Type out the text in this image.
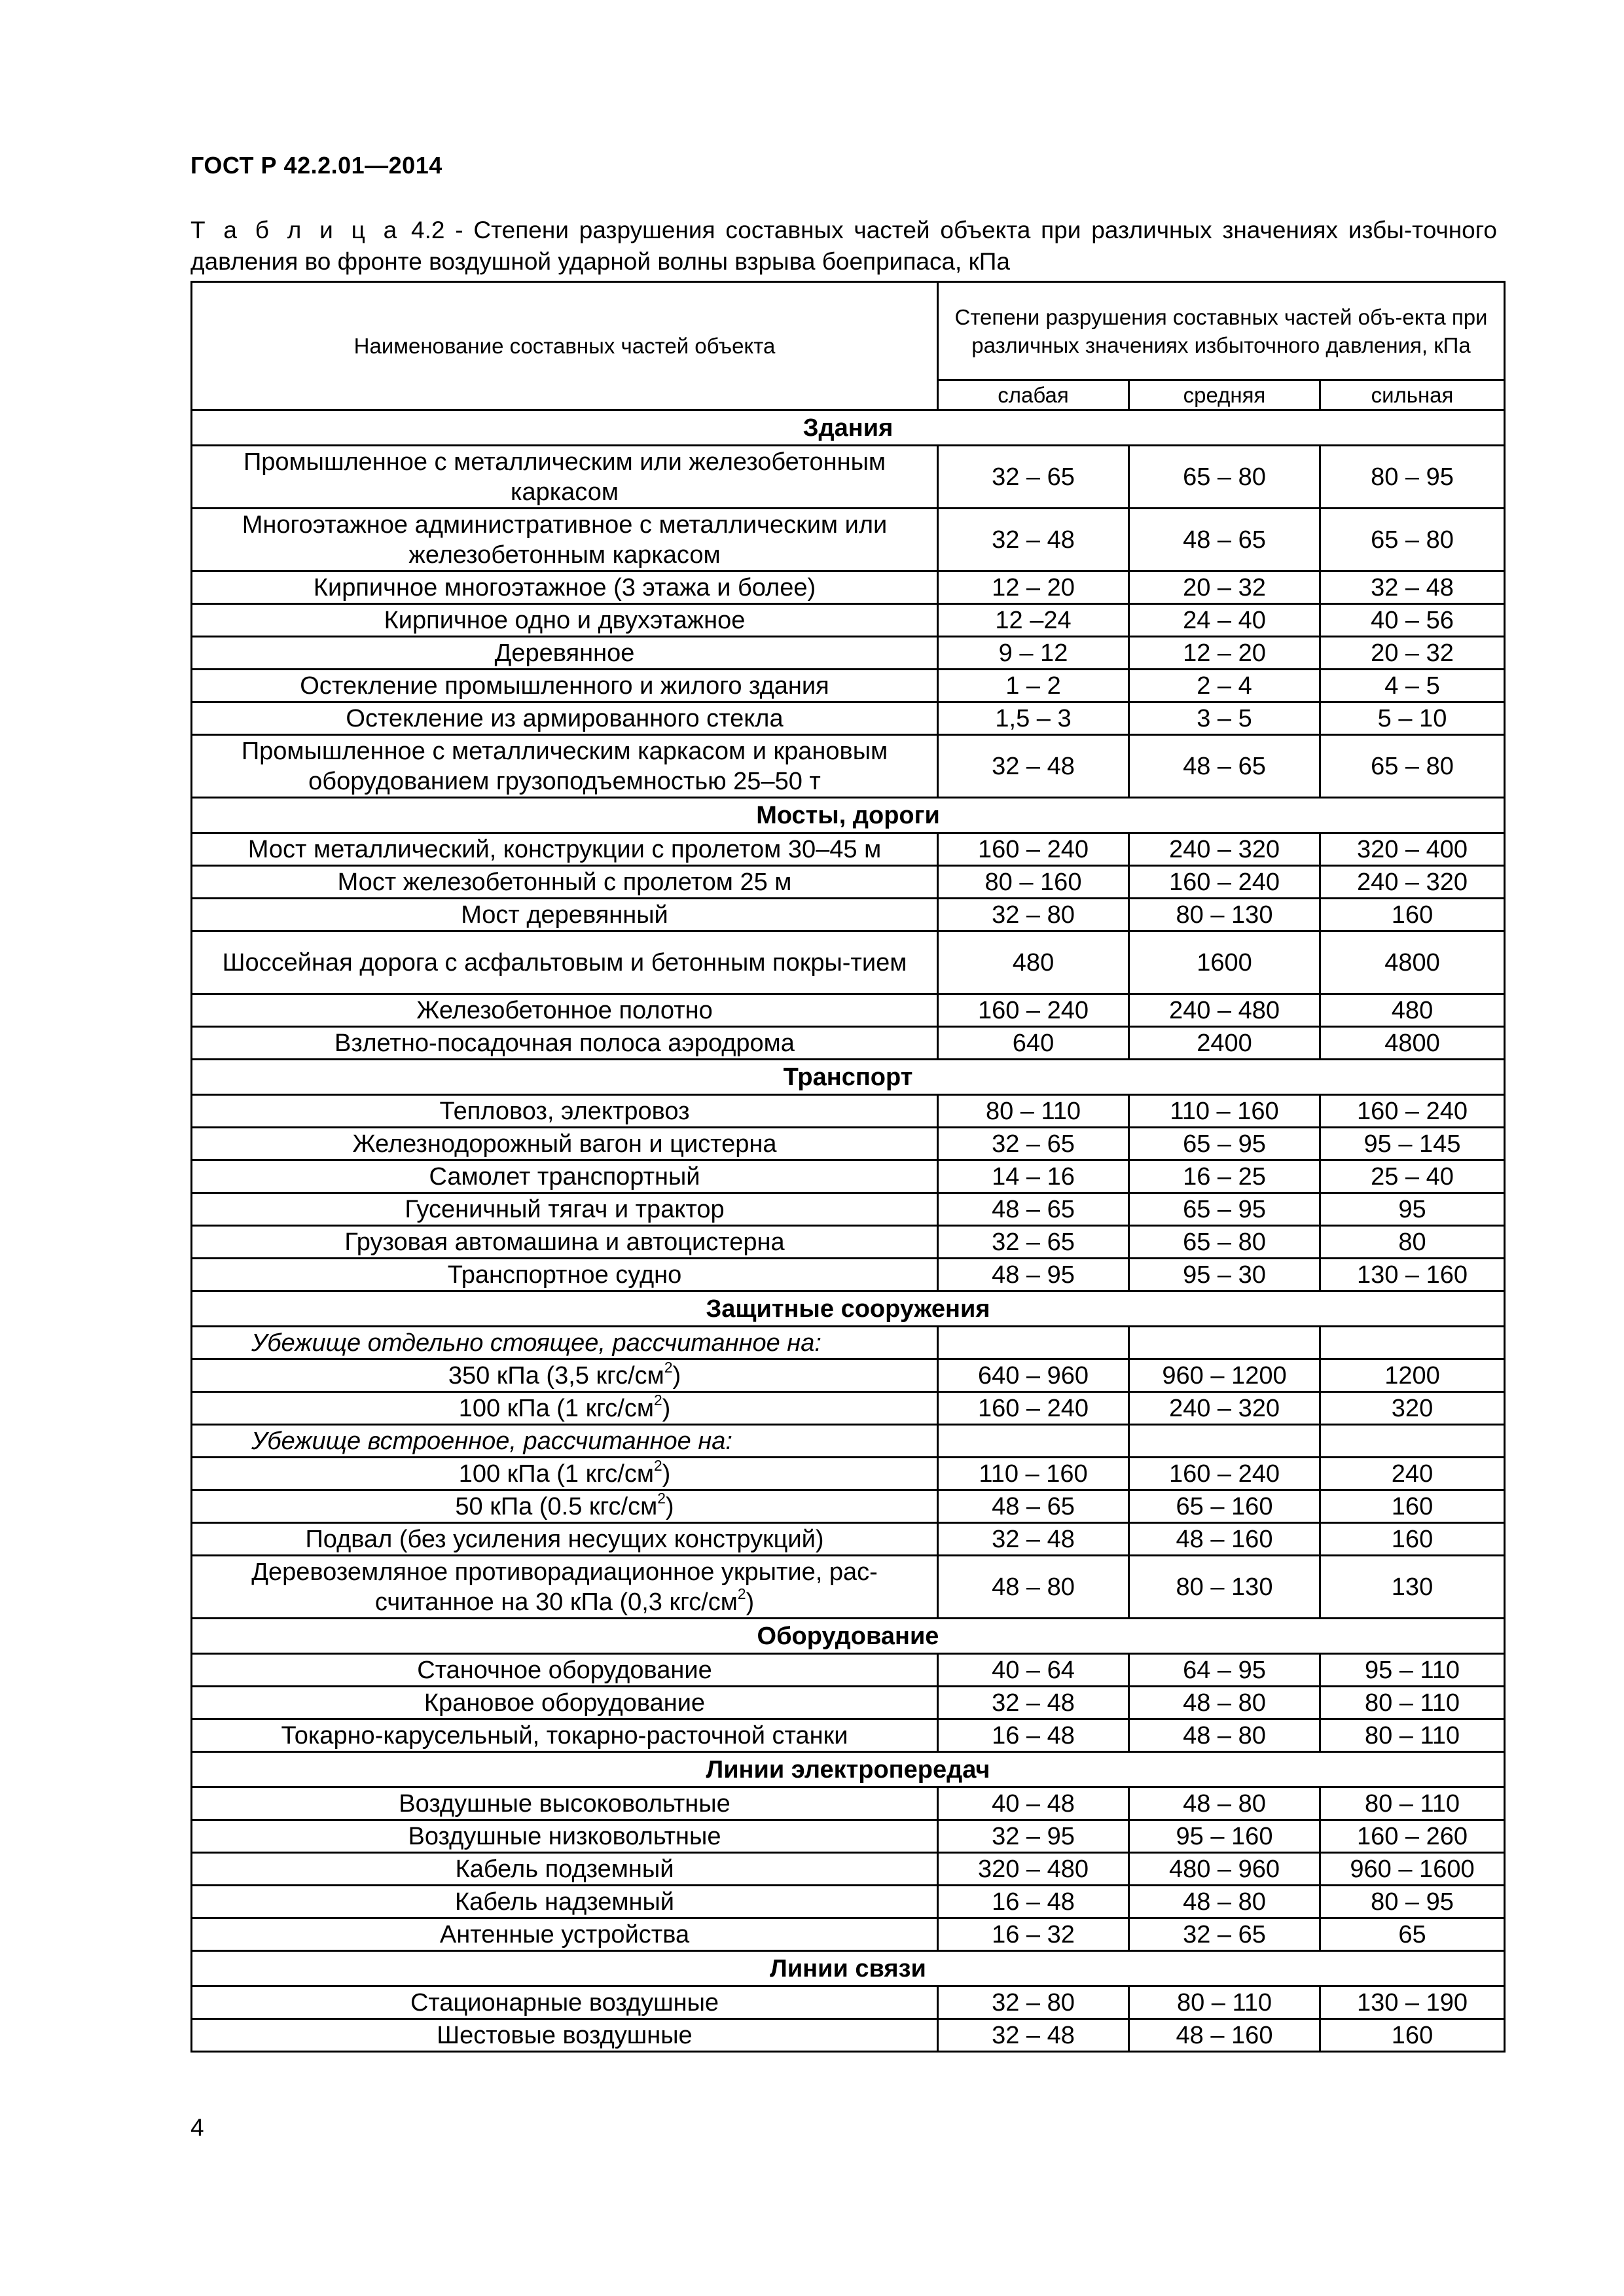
ГОСТ Р 42.2.01—2014
Т а б л и ц а 4.2 - Степени разрушения составных частей объекта при различных значениях избы-точного давления во фронте воздушной ударной волны взрыва боеприпаса, кПа
Наименование составных частей объекта	Степени разрушения составных частей объ-екта при различных значениях избыточного давления, кПа		
	слабая	средняя	сильная
Здания			
Промышленное с металлическим или железобетонным каркасом	32 – 65	65 – 80	80 – 95
Многоэтажное административное с металлическим или железобетонным каркасом	32 – 48	48 – 65	65 – 80
Кирпичное многоэтажное (3 этажа и более)	12 – 20	20 – 32	32 – 48
Кирпичное одно и двухэтажное	12 –24	24 – 40	40 – 56
Деревянное	9 – 12	12 – 20	20 – 32
Остекление промышленного и жилого здания	1 – 2	2 – 4	4 – 5
Остекление из армированного стекла	1,5 – 3	3 – 5	5 – 10
Промышленное с металлическим каркасом и крановым оборудованием грузоподъемностью 25–50 т	32 – 48	48 – 65	65 – 80
Мосты, дороги			
Мост металлический, конструкции с пролетом 30–45 м	160 – 240	240 – 320	320 – 400
Мост железобетонный с пролетом 25 м	80 – 160	160 – 240	240 – 320
Мост деревянный	32 – 80	80 – 130	160
Шоссейная дорога с асфальтовым и бетонным покры-тием	480	1600	4800
Железобетонное полотно	160 – 240	240 – 480	480
Взлетно-посадочная полоса аэродрома	640	2400	4800
Транспорт			
Тепловоз, электровоз	80 – 110	110 – 160	160 – 240
Железнодорожный вагон и цистерна	32 – 65	65 – 95	95 – 145
Самолет транспортный	14 – 16	16 – 25	25 – 40
Гусеничный тягач и трактор	48 – 65	65 – 95	95
Грузовая автомашина и автоцистерна	32 – 65	65 – 80	80
Транспортное судно	48 – 95	95 – 30	130 – 160
Защитные сооружения			
Убежище отдельно стоящее, рассчитанное на:			
350 кПа (3,5 кгс/$см^2$)	640 – 960	960 – 1200	1200
100 кПа (1 кгс/$см^2$)	160 – 240	240 – 320	320
Убежище встроенное, рассчитанное на:			
100 кПа (1 кгс/$см^2$)	110 – 160	160 – 240	240
50 кПа (0.5 кгс/$см^2$)	48 – 65	65 – 160	160
Подвал (без усиления несущих конструкций)	32 – 48	48 – 160	160
Деревоземляное противорадиационное укрытие, рас-считанное на 30 кПа (0,3 кгс/$см^2$)	48 – 80	80 – 130	130
Оборудование			
Станочное оборудование	40 – 64	64 – 95	95 – 110
Крановое оборудование	32 – 48	48 – 80	80 – 110
Токарно-карусельный, токарно-расточной станки	16 – 48	48 – 80	80 – 110
Линии электропередач			
Воздушные высоковольтные	40 – 48	48 – 80	80 – 110
Воздушные низковольтные	32 – 95	95 – 160	160 – 260
Кабель подземный	320 – 480	480 – 960	960 – 1600
Кабель надземный	16 – 48	48 – 80	80 – 95
Антенные устройства	16 – 32	32 – 65	65
Линии связи			
Стационарные воздушные	32 – 80	80 – 110	130 – 190
Шестовые воздушные	32 – 48	48 – 160	160
4
